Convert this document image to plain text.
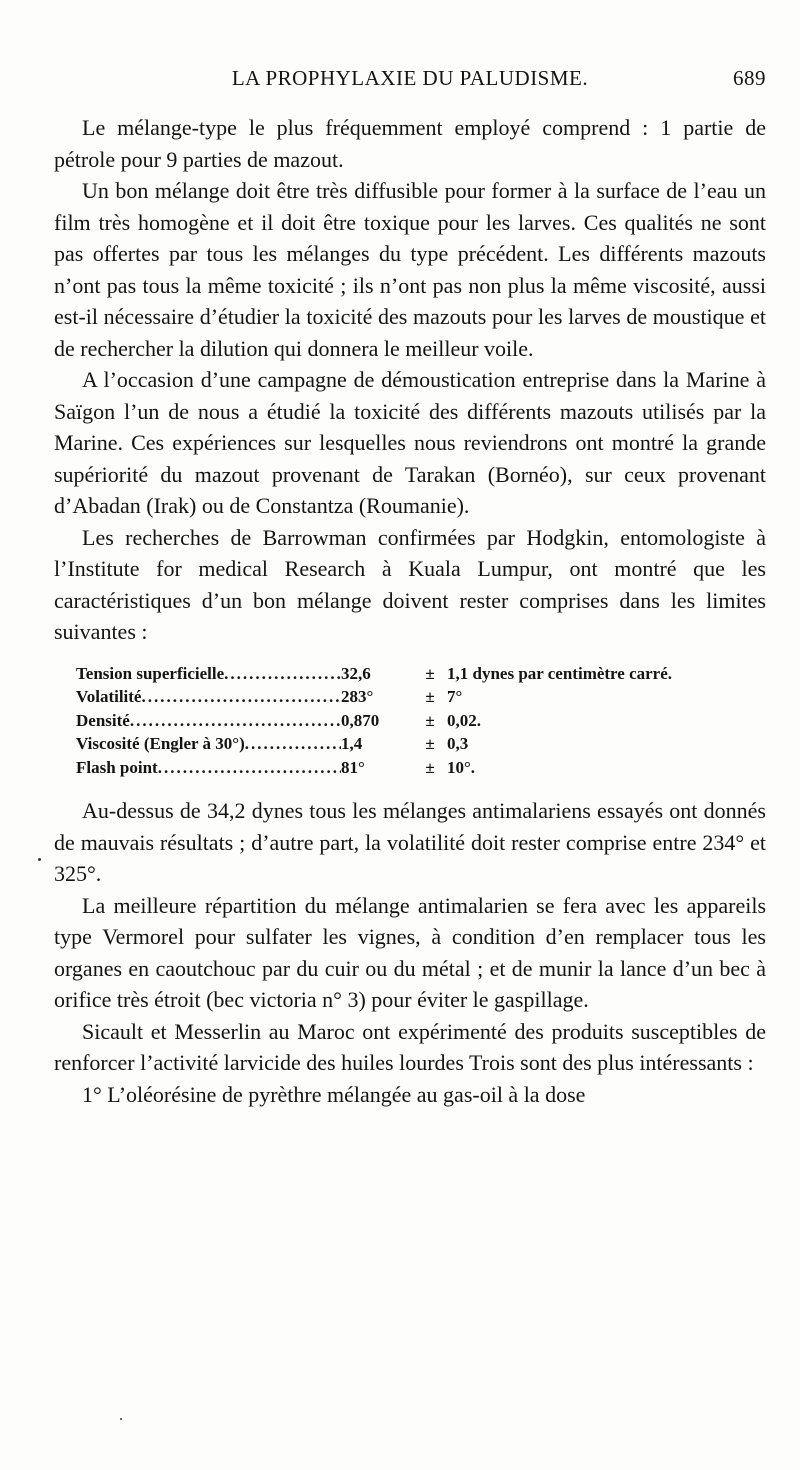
LA PROPHYLAXIE DU PALUDISME.	689

Le mélange-type le plus fréquemment employé comprend : 1 partie de pétrole pour 9 parties de mazout.

Un bon mélange doit être très diffusible pour former à la surface de l’eau un film très homogène et il doit être toxique pour les larves. Ces qualités ne sont pas offertes par tous les mélanges du type précédent. Les différents mazouts n’ont pas tous la même toxicité ; ils n’ont pas non plus la même viscosité, aussi est-il nécessaire d’étudier la toxicité des mazouts pour les larves de moustique et de rechercher la dilution qui donnera le meilleur voile.

A l’occasion d’une campagne de démoustication entreprise dans la Marine à Saïgon l’un de nous a étudié la toxicité des différents mazouts utilisés par la Marine. Ces expériences sur lesquelles nous reviendrons ont montré la grande supériorité du mazout provenant de Tarakan (Bornéo), sur ceux provenant d’Abadan (Irak) ou de Constantza (Roumanie).

Les recherches de Barrowman confirmées par Hodgkin, entomologiste à l’Institute for medical Research à Kuala Lumpur, ont montré que les caractéristiques d’un bon mélange doivent rester comprises dans les limites suivantes :

Tension superficielle .....	32,6	± 1,1 dynes par centimètre carré.
Volatilité .....	283°	± 7°
Densité .....	0,870	± 0,02.
Viscosité (Engler à 30°) .....	1,4	± 0,3
Flash point .....	81°	± 10°.

Au-dessus de 34,2 dynes tous les mélanges antimalariens essayés ont donnés de mauvais résultats ; d’autre part, la volatilité doit rester comprise entre 234° et 325°.

La meilleure répartition du mélange antimalarien se fera avec les appareils type Vermorel pour sulfater les vignes, à condition d’en remplacer tous les organes en caoutchouc par du cuir ou du métal ; et de munir la lance d’un bec à orifice très étroit (bec victoria n° 3) pour éviter le gaspillage.

Sicault et Messerlin au Maroc ont expérimenté des produits susceptibles de renforcer l’activité larvicide des huiles lourdes Trois sont des plus intéressants :

1° L’oléorésine de pyrèthre mélangée au gas-oil à la dose
